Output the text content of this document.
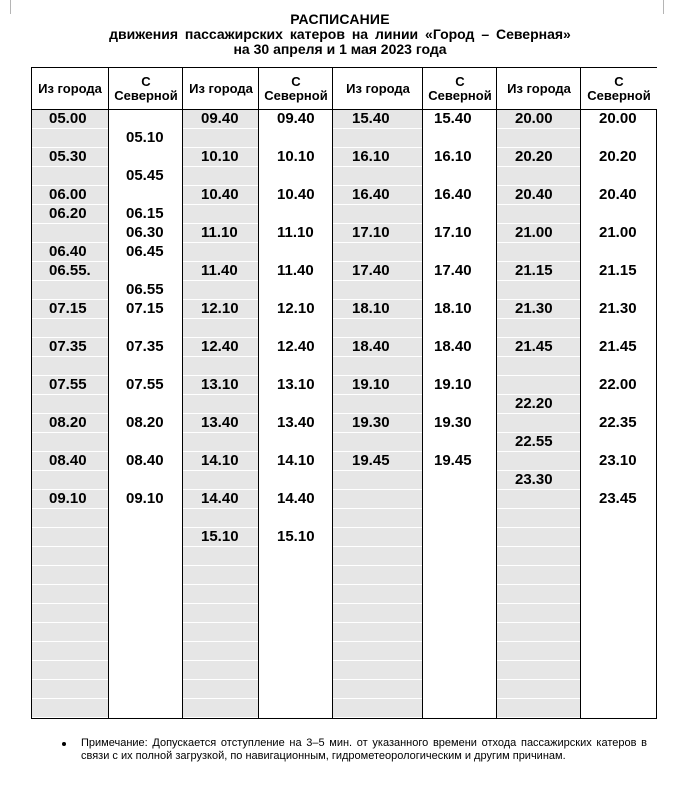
РАСПИСАНИЕ
движения пассажирских катеров на линии «Город – Северная»
на 30 апреля и 1 мая 2023 года
Из города
05.00
05.30
06.00
06.20
06.40
06.55.
07.15
07.35
07.55
08.20
08.40
09.10
С
Северной
05.10
05.45
06.15
06.30
06.45
06.55
07.15
07.35
07.55
08.20
08.40
09.10
Из города
09.40
10.10
10.40
11.10
11.40
12.10
12.40
13.10
13.40
14.10
14.40
15.10
С
Северной
09.40
10.10
10.40
11.10
11.40
12.10
12.40
13.10
13.40
14.10
14.40
15.10
Из города
15.40
16.10
16.40
17.10
17.40
18.10
18.40
19.10
19.30
19.45
С
Северной
15.40
16.10
16.40
17.10
17.40
18.10
18.40
19.10
19.30
19.45
Из города
20.00
20.20
20.40
21.00
21.15
21.30
21.45
22.20
22.55
23.30
С
Северной
20.00
20.20
20.40
21.00
21.15
21.30
21.45
22.00
22.35
23.10
23.45
Примечание: Допускается отступление на 3–5 мин. от указанного времени отхода пассажирских катеров в связи с их полной загрузкой, по навигационным, гидрометеорологическим и другим причинам.
